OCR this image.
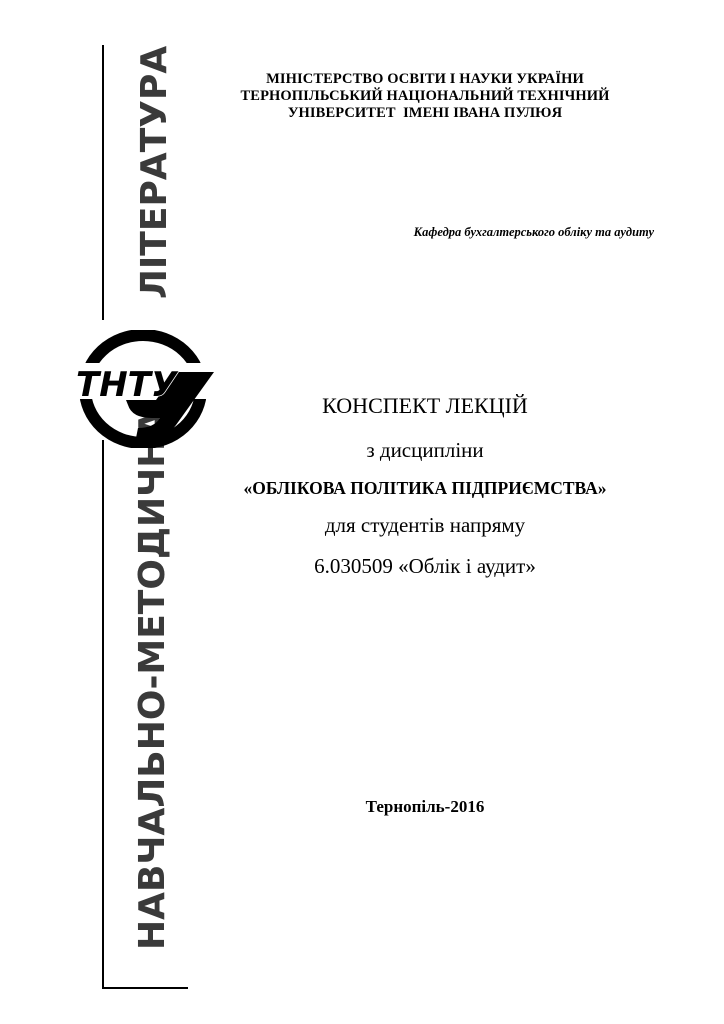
ЛІТЕРАТУРА
НАВЧАЛЬНО-МЕТОДИЧНА
ТНТУ
МІНІСТЕРСТВО ОСВІТИ І НАУКИ УКРАЇНИ
ТЕРНОПІЛЬСЬКИЙ НАЦІОНАЛЬНИЙ ТЕХНІЧНИЙ
УНІВЕРСИТЕТ  ІМЕНІ ІВАНА ПУЛЮЯ
Кафедра бухгалтерського обліку та аудиту
КОНСПЕКТ ЛЕКЦІЙ
з дисципліни
«ОБЛІКОВА ПОЛІТИКА ПІДПРИЄМСТВА»
для студентів напряму
6.030509 «Облік і аудит»
Тернопіль-2016
